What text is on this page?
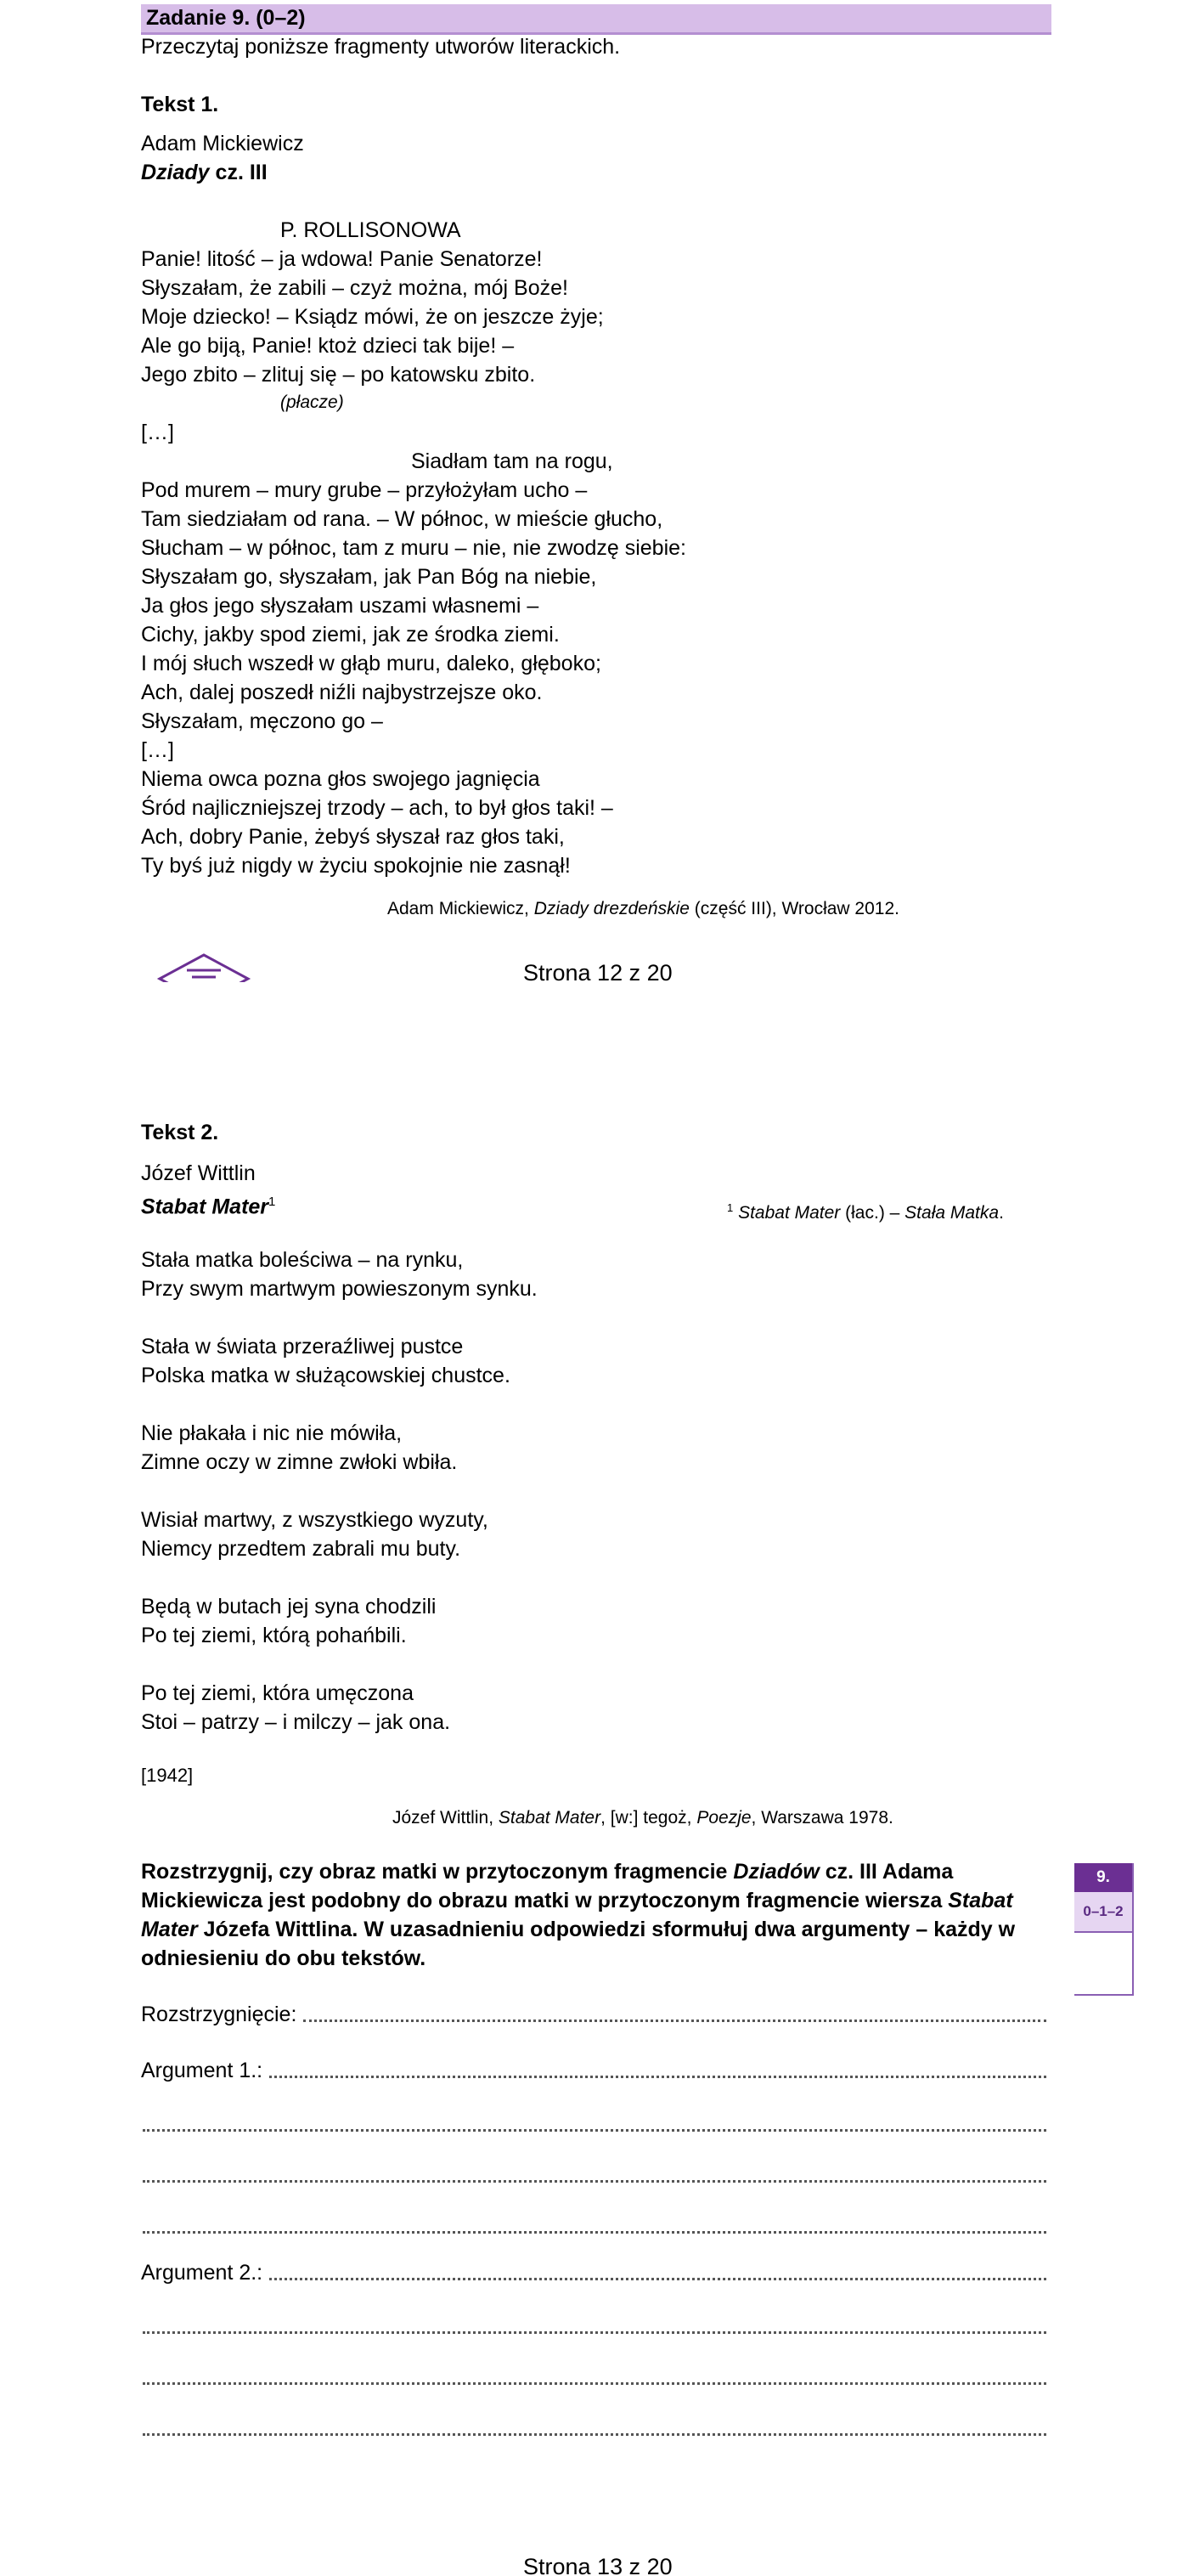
Zadanie 9. (0–2)
Przeczytaj poniższe fragmenty utworów literackich.
Tekst 1.
Adam Mickiewicz
Dziady cz. III
P. ROLLISONOWA
Panie! litość – ja wdowa! Panie Senatorze!
Słyszałam, że zabili – czyż można, mój Boże!
Moje dziecko! – Ksiądz mówi, że on jeszcze żyje;
Ale go biją, Panie! ktoż dzieci tak bije! –
Jego zbito – zlituj się – po katowsku zbito.
(płacze)
[…]
Siadłam tam na rogu,
Pod murem – mury grube – przyłożyłam ucho –
Tam siedziałam od rana. – W północ, w mieście głucho,
Słucham – w północ, tam z muru – nie, nie zwodzę siebie:
Słyszałam go, słyszałam, jak Pan Bóg na niebie,
Ja głos jego słyszałam uszami własnemi –
Cichy, jakby spod ziemi, jak ze środka ziemi.
I mój słuch wszedł w głąb muru, daleko, głęboko;
Ach, dalej poszedł niźli najbystrzejsze oko.
Słyszałam, męczono go –
[…]
Niema owca pozna głos swojego jagnięcia
Śród najliczniejszej trzody – ach, to był głos taki! –
Ach, dobry Panie, żebyś słyszał raz głos taki,
Ty byś już nigdy w życiu spokojnie nie zasnął!
Adam Mickiewicz, Dziady drezdeńskie (część III), Wrocław 2012.
Strona 12 z 20
Tekst 2.
Józef Wittlin
Stabat Mater$^1$	$^1$ Stabat Mater (łac.) – Stała Matka.
Stała matka boleściwa – na rynku,
Przy swym martwym powieszonym synku.
Stała w świata przeraźliwej pustce
Polska matka w służącowskiej chustce.
Nie płakała i nic nie mówiła,
Zimne oczy w zimne zwłoki wbiła.
Wisiał martwy, z wszystkiego wyzuty,
Niemcy przedtem zabrali mu buty.
Będą w butach jej syna chodzili
Po tej ziemi, którą pohańbili.
Po tej ziemi, która umęczona
Stoi – patrzy – i milczy – jak ona.
[1942]
Józef Wittlin, Stabat Mater, [w:] tegoż, Poezje, Warszawa 1978.
Rozstrzygnij, czy obraz matki w przytoczonym fragmencie Dziadów cz. III Adama Mickiewicza jest podobny do obrazu matki w przytoczonym fragmencie wiersza Stabat Mater Józefa Wittlina. W uzasadnieniu odpowiedzi sformułuj dwa argumenty – każdy w odniesieniu do obu tekstów.
9.
0–1–2
Rozstrzygnięcie:
Argument 1.:
Argument 2.:
Strona 13 z 20
